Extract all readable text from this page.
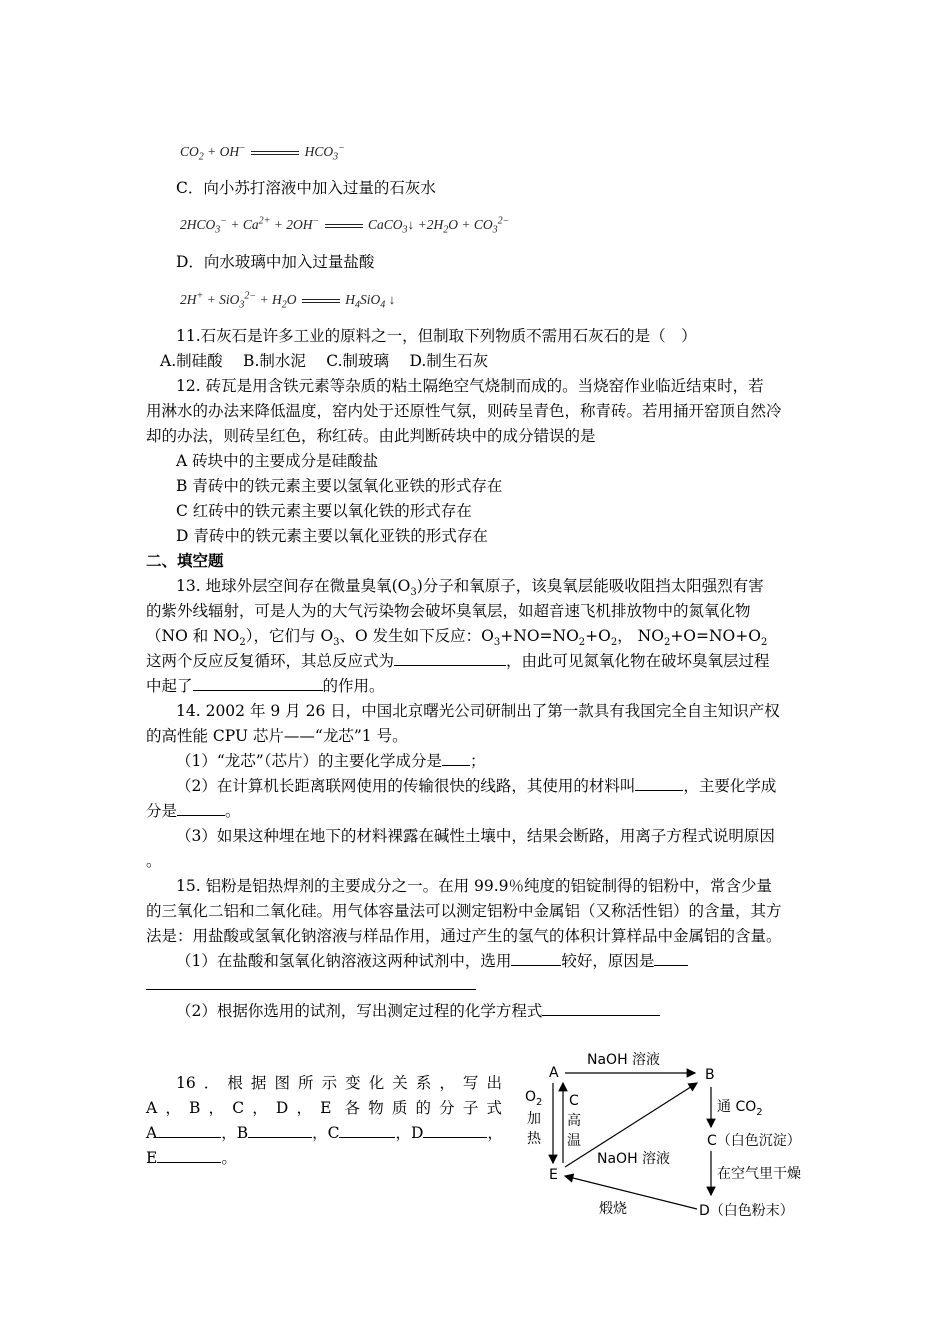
$CO_2 + OH^-$	$HCO_3^-$
C．向小苏打溶液中加入过量的石灰水
$2HCO_3^- + Ca^{2+} + 2OH^-$	CaCO$_3$↓ $+2H_2O + CO_3^{2-}$
D．向水玻璃中加入过量盐酸
$2H^+ + SiO_3^{2-} + H_2O$	$H_4SiO_4$ ↓
11.石灰石是许多工业的原料之一，但制取下列物质不需用石灰石的是（　）
A.制硅酸　 B.制水泥　 C.制玻璃　 D.制生石灰
12. 砖瓦是用含铁元素等杂质的粘土隔绝空气烧制而成的。当烧窑作业临近结束时，若
用淋水的办法来降低温度，窑内处于还原性气氛，则砖呈青色，称青砖。若用捅开窑顶自然冷
却的办法，则砖呈红色，称红砖。由此判断砖块中的成分错误的是
A 砖块中的主要成分是硅酸盐
B 青砖中的铁元素主要以氢氧化亚铁的形式存在
C 红砖中的铁元素主要以氧化铁的形式存在
D 青砖中的铁元素主要以氧化亚铁的形式存在
二、填空题
13. 地球外层空间存在微量臭氧$(O_3)$分子和氧原子，该臭氧层能吸收阻挡太阳强烈有害
的紫外线辐射，可是人为的大气污染物会破坏臭氧层，如超音速飞机排放物中的氮氧化物
（NO 和 $NO_2$），它们与 $O_3$、O 发生如下反应：$O_3+NO=NO_2+O_2$， $NO_2+O=NO+O_2$
这两个反应反复循环，其总反应式为	，由此可见氮氧化物在破坏臭氧层过程
中起了	的作用。
14. 2002 年 9 月 26 日，中国北京曙光公司研制出了第一款具有我国完全自主知识产权
的高性能 CPU 芯片——“龙芯”1 号。
（1）“龙芯”（芯片）的主要化学成分是 ；
（2）在计算机长距离联网使用的传输很快的线路，其使用的材料叫	，主要化学成
分是	。
（3）如果这种埋在地下的材料裸露在碱性土壤中，结果会断路，用离子方程式说明原因
。
15. 铝粉是铝热焊剂的主要成分之一。在用 99.9％纯度的铝锭制得的铝粉中，常含少量
的三氧化二铝和二氧化硅。用气体容量法可以测定铝粉中金属铝（又称活性铝）的含量，其方
法是：用盐酸或氢氧化钠溶液与样品作用，通过产生的氢气的体积计算样品中金属铝的含量。
（1）在盐酸和氢氧化钠溶液这两种试剂中，选用	较好，原因是
（2）根据你选用的试剂，写出测定过程的化学方程式
16．根据图所示变化关系，写出
A，B，C，D，E 各物质的分子式
A	，B	，C	，D	，
E	。
NaOH 溶液
$O_2$
加
热
C
高
温
NaOH 溶液
通 $CO_2$
在空气里干燥
煅烧
A	B
C（白色沉淀）
D（白色粉末）
E
